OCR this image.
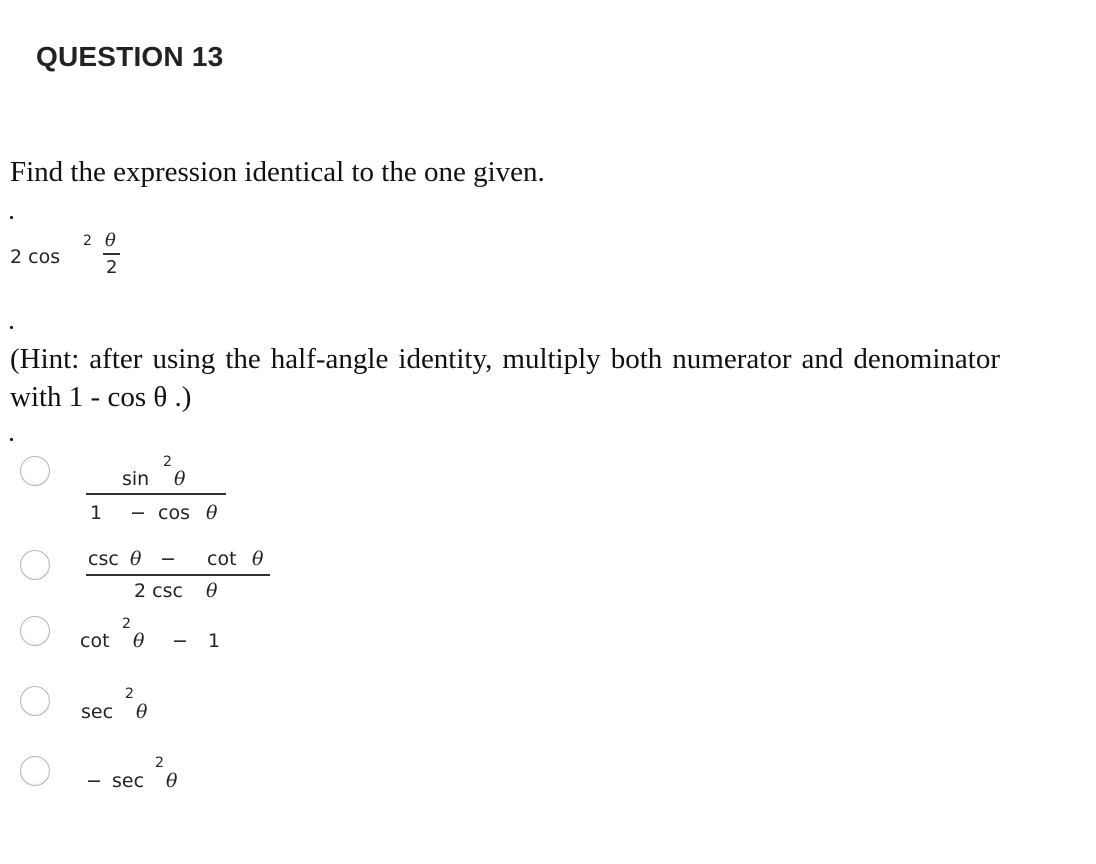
QUESTION 13
Find the expression identical to the one given.
2 cos
2 θ
2
(Hint: after using the half-angle identity, multiply both numerator and denominator with 1 - cos θ .)
sin
2
θ
1 − cos θ
csc θ − cot θ
2 csc θ
cot
2
θ − 1
sec
2
θ
− sec
2
θ
